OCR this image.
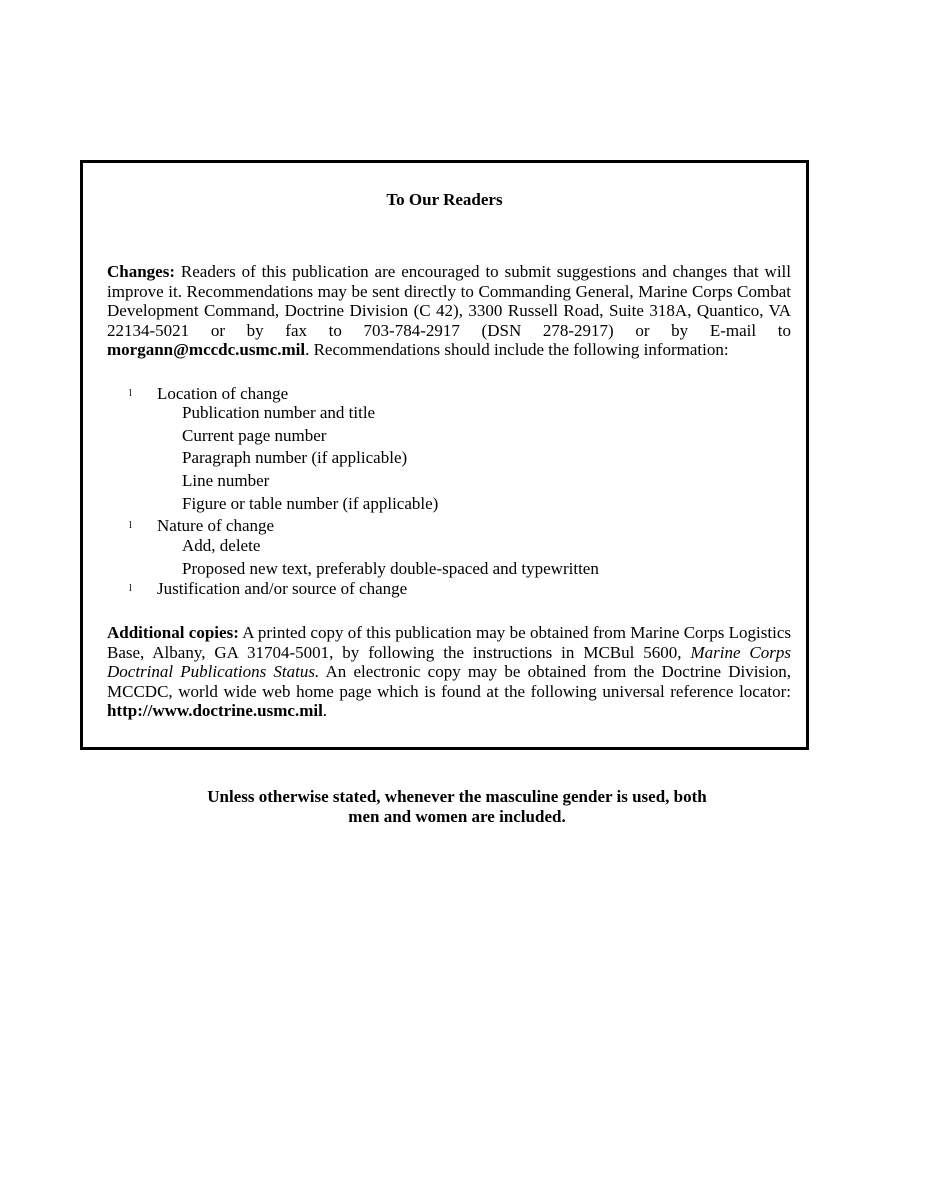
To Our Readers
Changes: Readers of this publication are encouraged to submit suggestions and changes that will improve it. Recommendations may be sent directly to Commanding General, Marine Corps Combat Development Command, Doctrine Division (C 42), 3300 Russell Road, Suite 318A, Quantico, VA 22134-5021 or by fax to 703-784-2917 (DSN 278-2917) or by E-mail to morgann@mccdc.usmc.mil. Recommendations should include the following information:
l Location of change
Publication number and title
Current page number
Paragraph number (if applicable)
Line number
Figure or table number (if applicable)
l Nature of change
Add, delete
Proposed new text, preferably double-spaced and typewritten
l Justification and/or source of change
Additional copies: A printed copy of this publication may be obtained from Marine Corps Logistics Base, Albany, GA 31704-5001, by following the instructions in MCBul 5600, Marine Corps Doctrinal Publications Status. An electronic copy may be obtained from the Doctrine Division, MCCDC, world wide web home page which is found at the following universal reference locator: http://www.doctrine.usmc.mil.
Unless otherwise stated, whenever the masculine gender is used, both
men and women are included.
